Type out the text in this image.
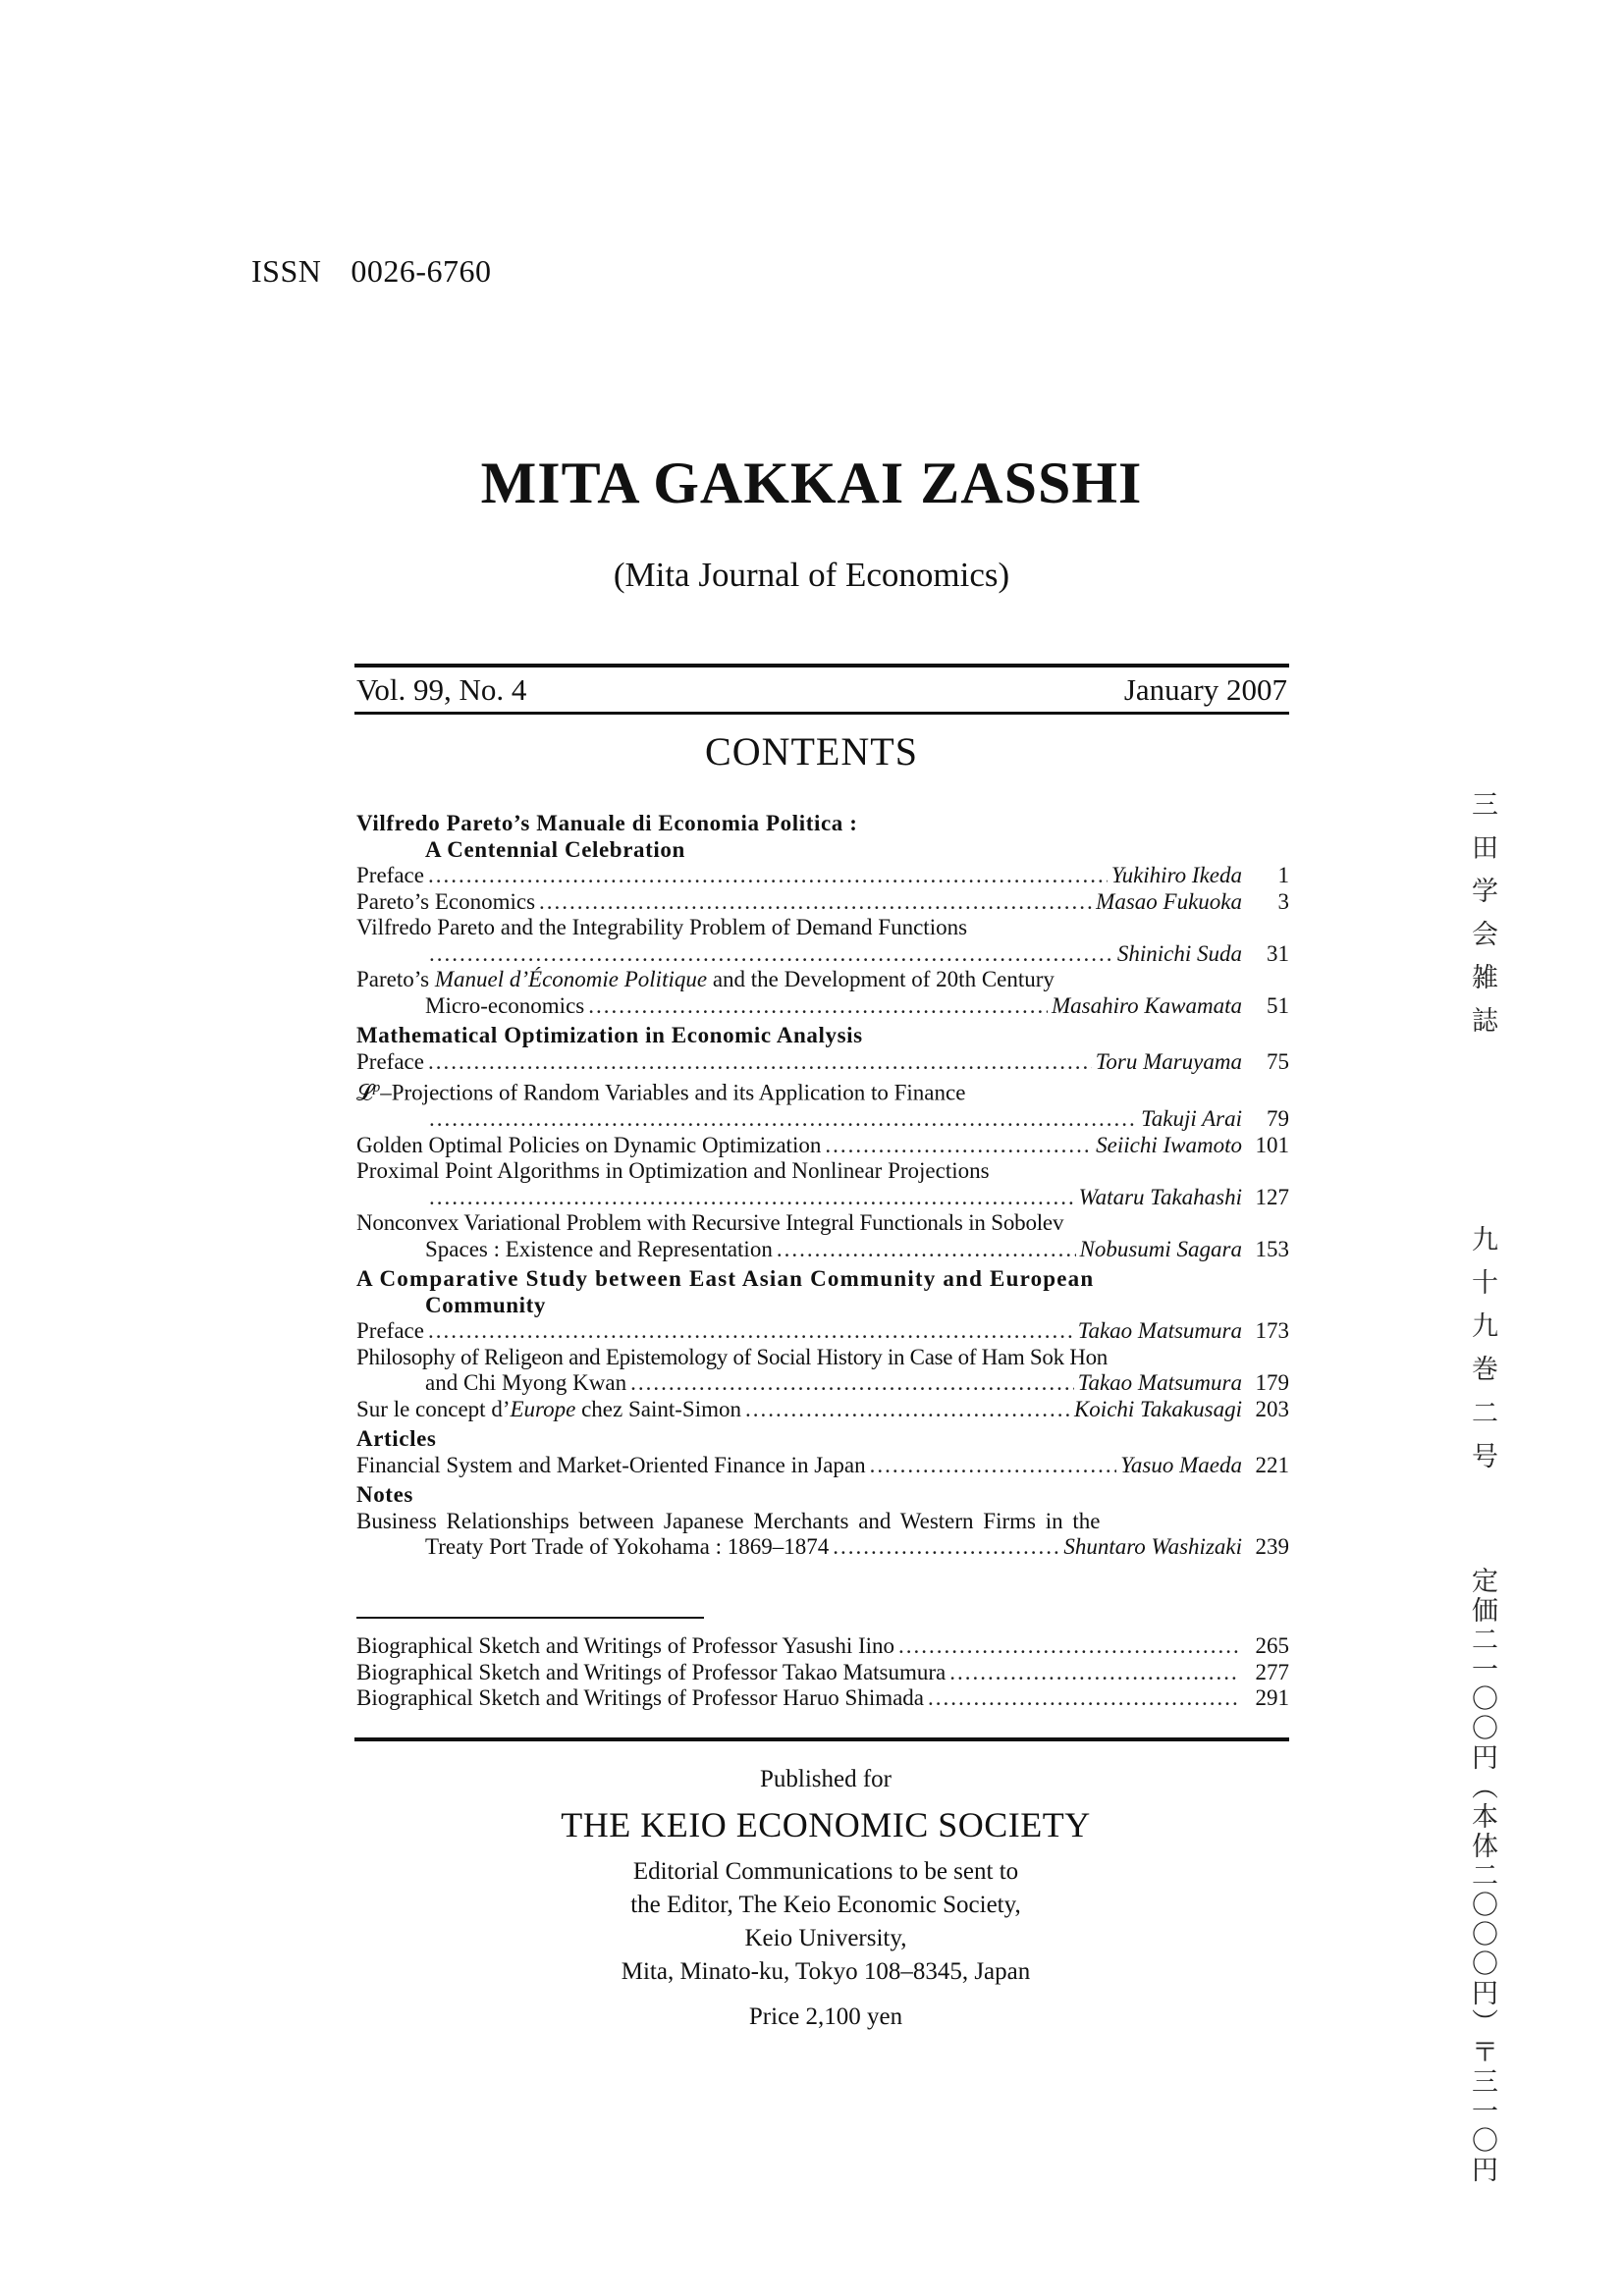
ISSN 0026-6760
MITA GAKKAI ZASSHI
(Mita Journal of Economics)
Vol. 99, No. 4	January 2007
CONTENTS
Vilfredo Pareto’s Manuale di Economia Politica :
A Centennial Celebration
Preface .....	Yukihiro Ikeda	1
Pareto’s Economics .....	Masao Fukuoka	3
Vilfredo Pareto and the Integrability Problem of Demand Functions
.....
Shinichi Suda	31
Pareto’s Manuel d’Économie Politique and the Development of 20th Century
Micro-economics .....	Masahiro Kawamata	51
Mathematical Optimization in Economic Analysis
Preface .....	Toru Maruyama	75
𝓛$^p$–Projections of Random Variables and its Application to Finance
.....
Takuji Arai	79
Golden Optimal Policies on Dynamic Optimization .....	Seiichi Iwamoto 101
Proximal Point Algorithms in Optimization and Nonlinear Projections
.....
Wataru Takahashi 127
Nonconvex Variational Problem with Recursive Integral Functionals in Sobolev
Spaces : Existence and Representation .....	Nobusumi Sagara 153
A Comparative Study between East Asian Community and European
Community
Preface .....	Takao Matsumura 173
Philosophy of Religeon and Epistemology of Social History in Case of Ham Sok Hon
and Chi Myong Kwan .....	Takao Matsumura 179
Sur le concept d’Europe chez Saint-Simon .....	Koichi Takakusagi 203
Articles
Financial System and Market-Oriented Finance in Japan .....	Yasuo Maeda 221
Notes
Business Relationships between Japanese Merchants and Western Firms in the
Treaty Port Trade of Yokohama : 1869–1874 .....	Shuntaro Washizaki 239
Biographical Sketch and Writings of Professor Yasushi Iino .....	265
Biographical Sketch and Writings of Professor Takao Matsumura .....	277
Biographical Sketch and Writings of Professor Haruo Shimada .....	291
Published for
THE KEIO ECONOMIC SOCIETY
Editorial Communications to be sent to
the Editor, The Keio Economic Society,
Keio University,
Mita, Minato-ku, Tokyo 108–8345, Japan
Price 2,100 yen
三田学会雑誌
九十九巻
二号
定価二一〇〇円（本体二〇〇〇円）〒三一〇円
